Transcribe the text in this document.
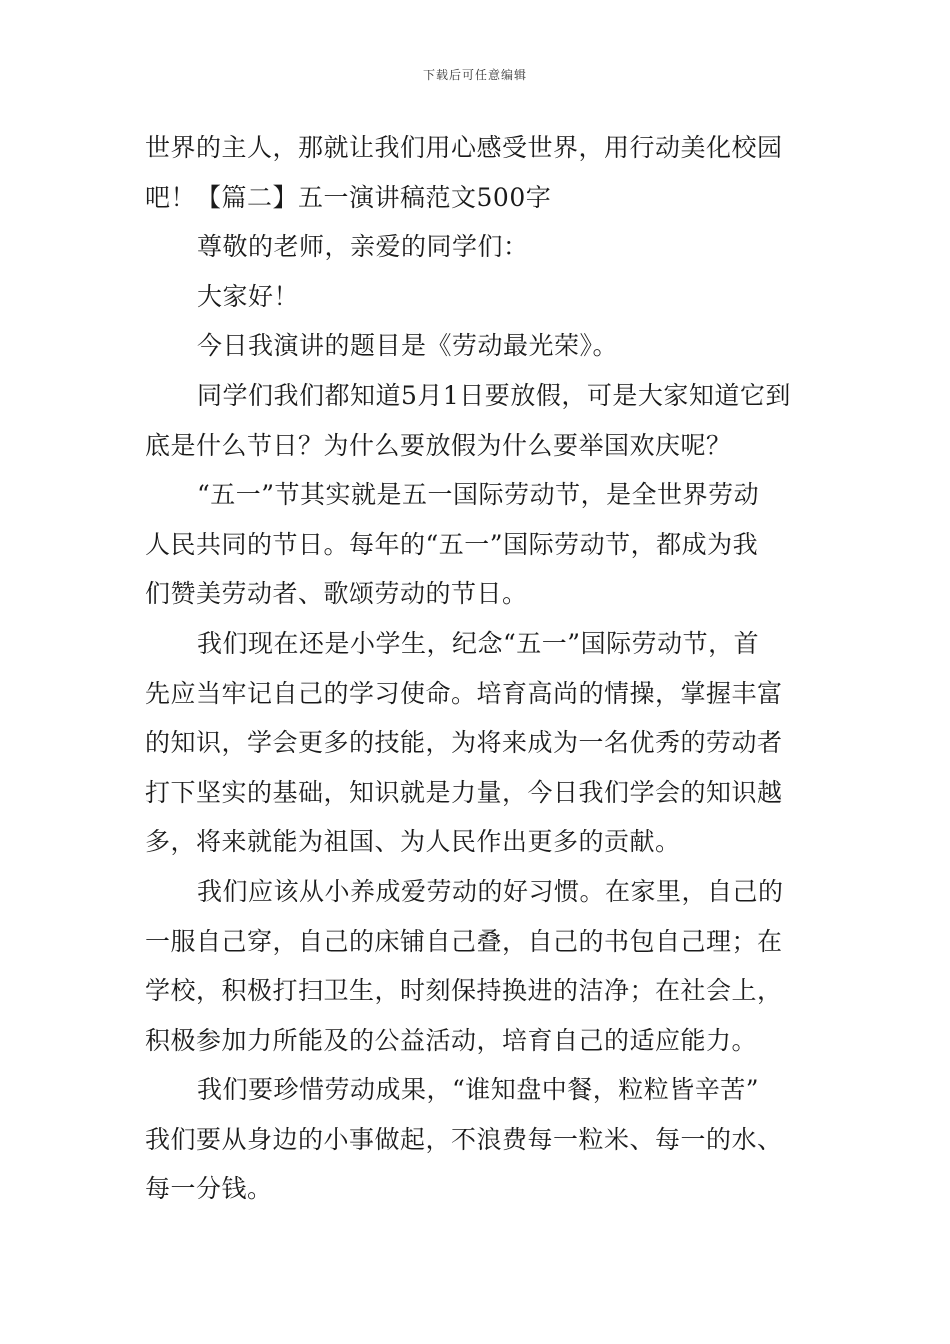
下载后可任意编辑
世界的主人，那就让我们用心感受世界，用行动美化校园
吧！【篇二】五一演讲稿范文500字
尊敬的老师，亲爱的同学们：
大家好！
今日我演讲的题目是《劳动最光荣》。
同学们我们都知道5月1日要放假，可是大家知道它到
底是什么节日？为什么要放假为什么要举国欢庆呢？
“五一”节其实就是五一国际劳动节，是全世界劳动
人民共同的节日。每年的“五一”国际劳动节，都成为我
们赞美劳动者、歌颂劳动的节日。
我们现在还是小学生，纪念“五一”国际劳动节，首
先应当牢记自己的学习使命。培育高尚的情操，掌握丰富
的知识，学会更多的技能，为将来成为一名优秀的劳动者
打下坚实的基础，知识就是力量，今日我们学会的知识越
多，将来就能为祖国、为人民作出更多的贡献。
我们应该从小养成爱劳动的好习惯。在家里，自己的
一服自己穿，自己的床铺自己叠，自己的书包自己理；在
学校，积极打扫卫生，时刻保持换进的洁净；在社会上，
积极参加力所能及的公益活动，培育自己的适应能力。
我们要珍惜劳动成果，“谁知盘中餐，粒粒皆辛苦”
我们要从身边的小事做起，不浪费每一粒米、每一的水、
每一分钱。
